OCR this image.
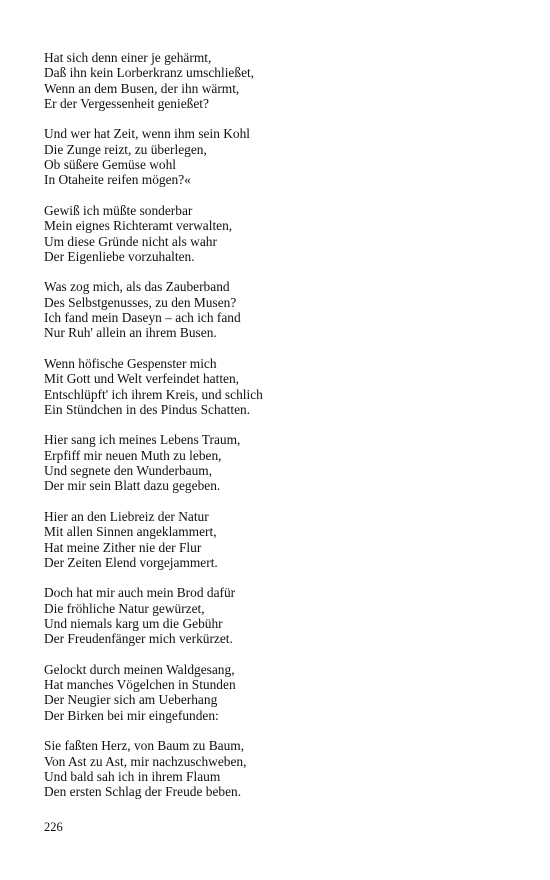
Hat sich denn einer je gehärmt,
Daß ihn kein Lorberkranz umschließet,
Wenn an dem Busen, der ihn wärmt,
Er der Vergessenheit genießet?
Und wer hat Zeit, wenn ihm sein Kohl
Die Zunge reizt, zu überlegen,
Ob süßere Gemüse wohl
In Otaheite reifen mögen?«
Gewiß ich müßte sonderbar
Mein eignes Richteramt verwalten,
Um diese Gründe nicht als wahr
Der Eigenliebe vorzuhalten.
Was zog mich, als das Zauberband
Des Selbstgenusses, zu den Musen?
Ich fand mein Daseyn – ach ich fand
Nur Ruh' allein an ihrem Busen.
Wenn höfische Gespenster mich
Mit Gott und Welt verfeindet hatten,
Entschlüpft' ich ihrem Kreis, und schlich
Ein Stündchen in des Pindus Schatten.
Hier sang ich meines Lebens Traum,
Erpfiff mir neuen Muth zu leben,
Und segnete den Wunderbaum,
Der mir sein Blatt dazu gegeben.
Hier an den Liebreiz der Natur
Mit allen Sinnen angeklammert,
Hat meine Zither nie der Flur
Der Zeiten Elend vorgejammert.
Doch hat mir auch mein Brod dafür
Die fröhliche Natur gewürzet,
Und niemals karg um die Gebühr
Der Freudenfänger mich verkürzet.
Gelockt durch meinen Waldgesang,
Hat manches Vögelchen in Stunden
Der Neugier sich am Ueberhang
Der Birken bei mir eingefunden:
Sie faßten Herz, von Baum zu Baum,
Von Ast zu Ast, mir nachzuschweben,
Und bald sah ich in ihrem Flaum
Den ersten Schlag der Freude beben.
226
